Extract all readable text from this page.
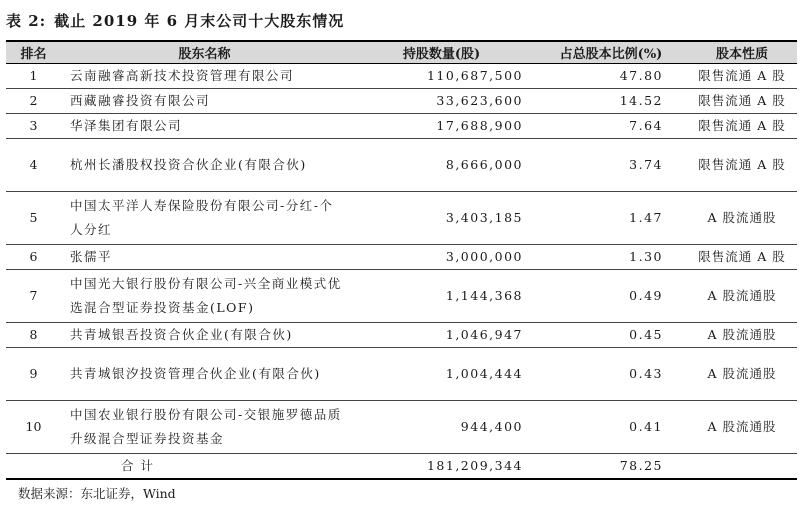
表 2: 截止 2019 年 6 月末公司十大股东情况
排名	股东名称	持股数量(股)	占总股本比例(%)	股本性质
1	云南融睿高新技术投资管理有限公司	110,687,500	47.80	限售流通 A 股
2	西藏融睿投资有限公司	33,623,600	14.52	限售流通 A 股
3	华泽集团有限公司	17,688,900	7.64	限售流通 A 股
4	杭州长潘股权投资合伙企业(有限合伙)	8,666,000	3.74	限售流通 A 股
5	中国太平洋人寿保险股份有限公司-分红-个人分红	3,403,185	1.47	A 股流通股
6	张儒平	3,000,000	1.30	限售流通 A 股
7	中国光大银行股份有限公司-兴全商业模式优选混合型证券投资基金(LOF)	1,144,368	0.49	A 股流通股
8	共青城银吾投资合伙企业(有限合伙)	1,046,947	0.45	A 股流通股
9	共青城银汐投资管理合伙企业(有限合伙)	1,004,444	0.43	A 股流通股
10	中国农业银行股份有限公司-交银施罗德品质升级混合型证券投资基金	944,400	0.41	A 股流通股
	合 计	181,209,344	78.25	
数据来源：东北证券，Wind
